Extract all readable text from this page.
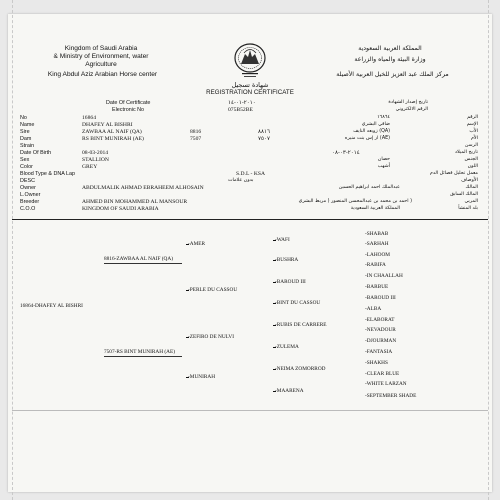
Kingdom of Saudi Arabia
& Ministry of Environment, water
Agriculture
King Abdul Aziz Arabian Horse center
المملكة العربية السعودية
وزارة البيئة والمياه والزراعة
مركز الملك عبد العزيز للخيل العربية الأصيلة
شهادة تسجيل
REGISTRATION CERTIFICATE
Date Of Certificate	٢٠١٠-٠١-١٤	تاريخ إصدار الشهادة
Electronic No	075B52BE	الرقم الالكتروني
No	16864	١٦٨٦٤	الرقم
Name	DHAFEY AL BISHRI	ضافي البشري	الإسم
Sire	ZAWBAA AL NAIF (QA)	8816	٨٨١٦	(QA) زوبعه النايف	الأب
Dam	RS BINT MUNIRAH (AE)	7507	٧٥٠٧	(AE) ار إس بنت منيره	الأم
Strain	الرسن
Date Of Birth	08-03-2014	٢٠١٤-٠٣-٠٨	تاريخ الميلاد
Sex	STALLION	حصان	الجنس
Color	GREY	أشهب	اللون
Blood Type & DNA Lap	S.D.L - KSA	معمل تحليل فصائل الدم
DESC	بدون علامات	الأوصاف
Owner	ABDULMALIK AHMAD EBRAHEEM ALHOSAIN	عبدالملك احمد ابراهيم الحسين	المالك
L.Owner	المالك السابق
Breeder	AHMED BIN MOHAMMED AL MANSOUR	( احمد بن محمد بن عبدالمحسن المنصور ( مربط البشري	المربي
C.O.O	KINGDOM OF SAUDI ARABIA	المملكة العربية السعودية	بلد المنشأ
16864-DHAFEY AL BISHRI
8816-ZAWBAA AL NAIF (QA)
7507-RS BINT MUNIRAH (AE)
-AMER
-PERLE DU CASSOU
-ZEFIRO DE NULVI
-MUNIRAH
-WAFI
-BUSHRA
-BAROUD III
-BINT DU CASSOU
-RUBIS DE CARRERE
-ZULEMA
-NEIMA ZOMORROD
-MAARENA
-SHABAB
-SARHAH
-LAHOOM
-RABIFA
-IN CHAALLAH
-BARBUE
-BAROUD III
-ALBA
-ELABORAT
-NEVADOUR
-DJOURMAN
-FANTASIA
-SHAKHS
-CLEAR BLUE
-WHITE LARZAN
-SEPTEMBER SHADE
